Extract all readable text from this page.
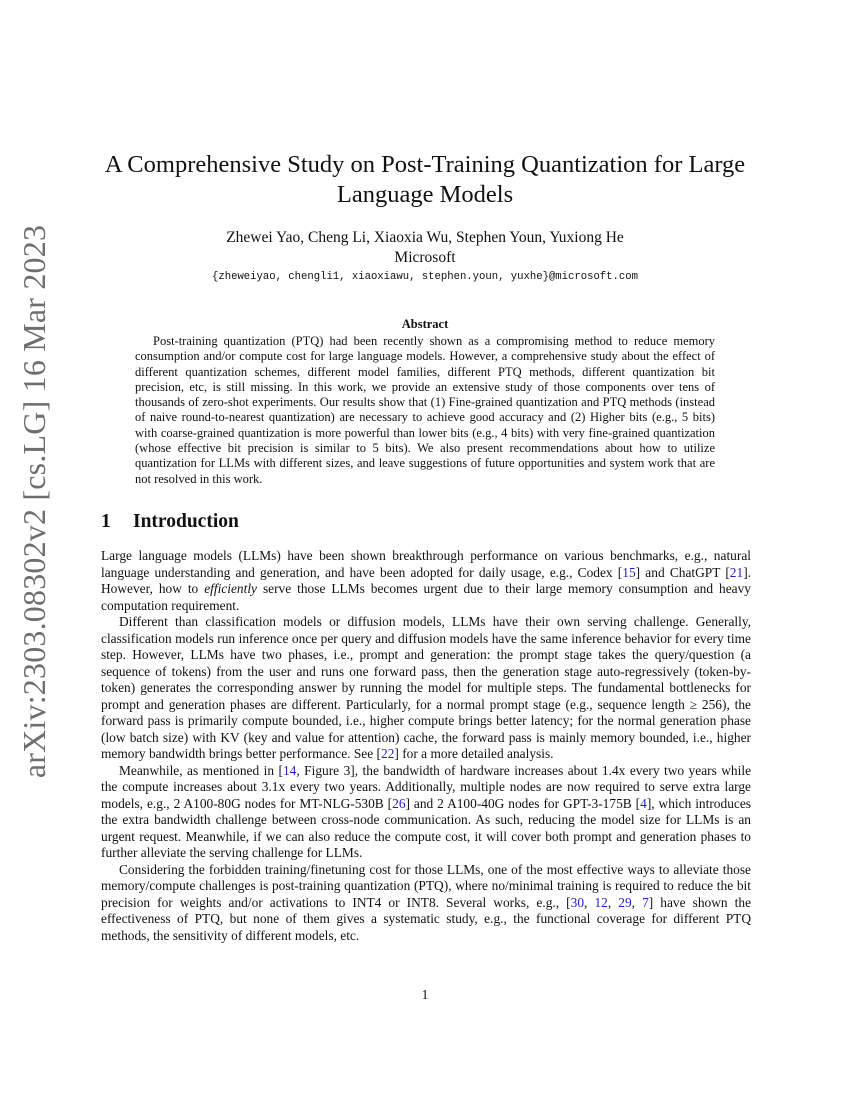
arXiv:2303.08302v2 [cs.LG] 16 Mar 2023
A Comprehensive Study on Post-Training Quantization for Large Language Models
Zhewei Yao, Cheng Li, Xiaoxia Wu, Stephen Youn, Yuxiong He
Microsoft
{zheweiyao, chengli1, xiaoxiawu, stephen.youn, yuxhe}@microsoft.com
Abstract

Post-training quantization (PTQ) had been recently shown as a compromising method to reduce memory consumption and/or compute cost for large language models. However, a comprehensive study about the effect of different quantization schemes, different model families, different PTQ methods, different quantization bit precision, etc, is still missing. In this work, we provide an extensive study of those components over tens of thousands of zero-shot experiments. Our results show that (1) Fine-grained quantization and PTQ methods (instead of naive round-to-nearest quantization) are necessary to achieve good accuracy and (2) Higher bits (e.g., 5 bits) with coarse-grained quantization is more powerful than lower bits (e.g., 4 bits) with very fine-grained quantization (whose effective bit precision is similar to 5 bits). We also present recommendations about how to utilize quantization for LLMs with different sizes, and leave suggestions of future opportunities and system work that are not resolved in this work.

1 Introduction

Large language models (LLMs) have been shown breakthrough performance on various benchmarks, e.g., natural language understanding and generation, and have been adopted for daily usage, e.g., Codex [15] and ChatGPT [21]. However, how to efficiently serve those LLMs becomes urgent due to their large memory consumption and heavy computation requirement.

Different than classification models or diffusion models, LLMs have their own serving challenge. Generally, classification models run inference once per query and diffusion models have the same inference behavior for every time step. However, LLMs have two phases, i.e., prompt and generation: the prompt stage takes the query/question (a sequence of tokens) from the user and runs one forward pass, then the generation stage auto-regressively (token-by-token) generates the corresponding answer by running the model for multiple steps. The fundamental bottlenecks for prompt and generation phases are different. Particularly, for a normal prompt stage (e.g., sequence length ≥ 256), the forward pass is primarily compute bounded, i.e., higher compute brings better latency; for the normal generation phase (low batch size) with KV (key and value for attention) cache, the forward pass is mainly memory bounded, i.e., higher memory bandwidth brings better performance. See [22] for a more detailed analysis.

Meanwhile, as mentioned in [14, Figure 3], the bandwidth of hardware increases about 1.4x every two years while the compute increases about 3.1x every two years. Additionally, multiple nodes are now required to serve extra large models, e.g., 2 A100-80G nodes for MT-NLG-530B [26] and 2 A100-40G nodes for GPT-3-175B [4], which introduces the extra bandwidth challenge between cross-node communication. As such, reducing the model size for LLMs is an urgent request. Meanwhile, if we can also reduce the compute cost, it will cover both prompt and generation phases to further alleviate the serving challenge for LLMs.

Considering the forbidden training/finetuning cost for those LLMs, one of the most effective ways to alleviate those memory/compute challenges is post-training quantization (PTQ), where no/minimal training is required to reduce the bit precision for weights and/or activations to INT4 or INT8. Several works, e.g., [30, 12, 29, 7] have shown the effectiveness of PTQ, but none of them gives a systematic study, e.g., the functional coverage for different PTQ methods, the sensitivity of different models, etc.

1
